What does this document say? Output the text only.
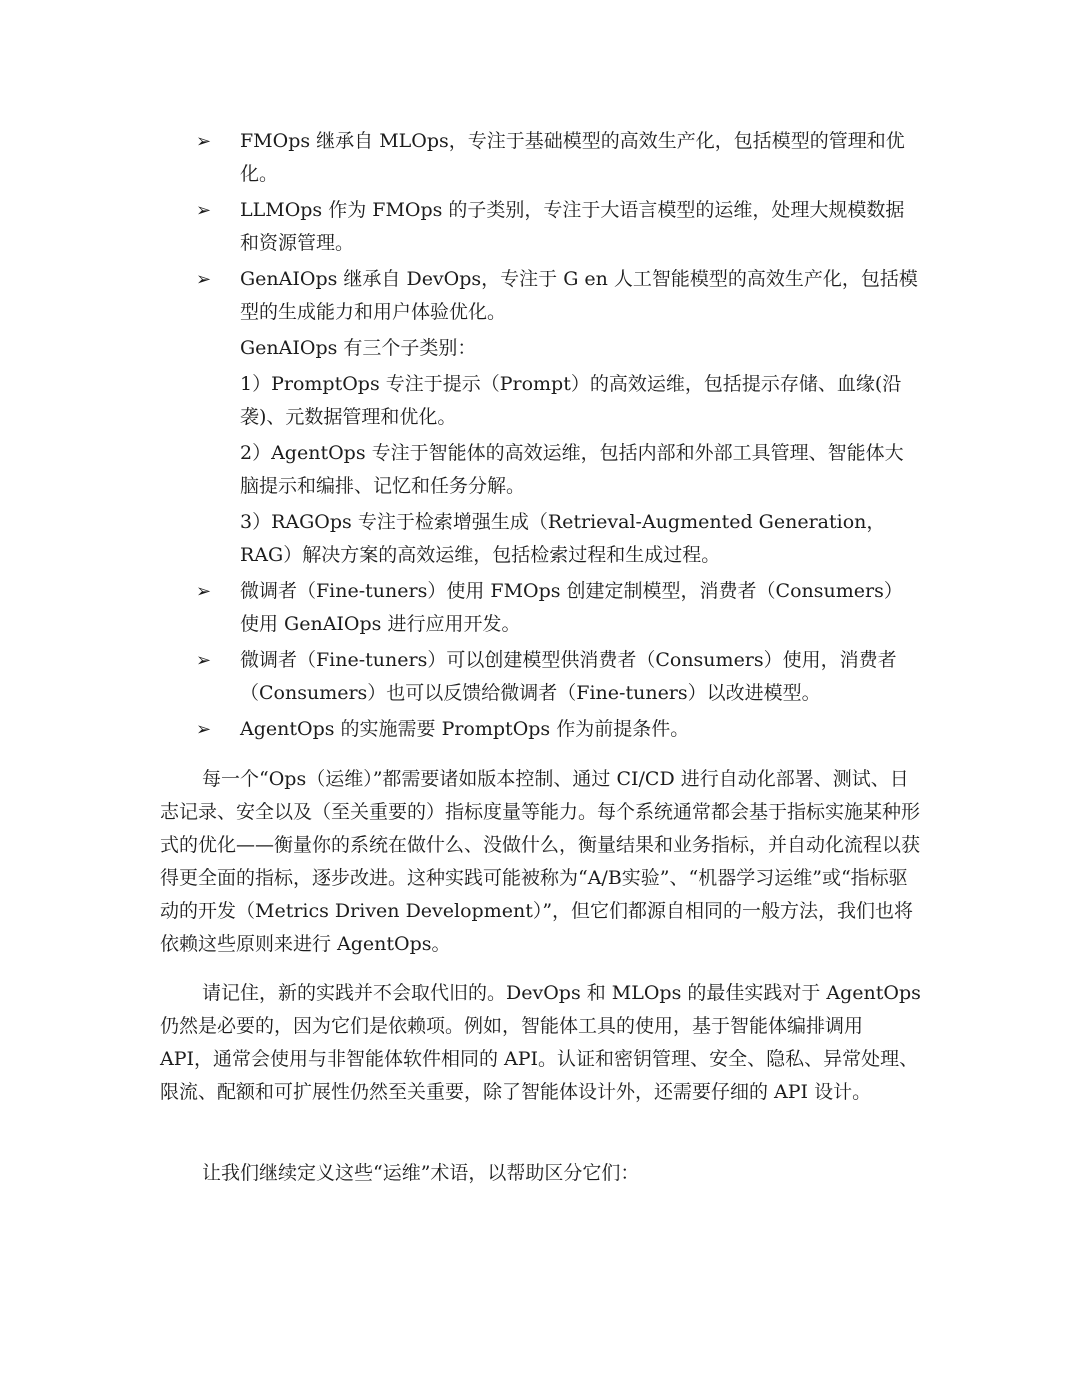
➢ FMOps 继承自 MLOps，专注于基础模型的高效生产化，包括模型的管理和优化。
➢ LLMOps 作为 FMOps 的子类别，专注于大语言模型的运维，处理大规模数据和资源管理。
➢ GenAIOps 继承自 DevOps，专注于 G en 人工智能模型的高效生产化，包括模型的生成能力和用户体验优化。
GenAIOps 有三个子类别：
1）PromptOps 专注于提示（Prompt）的高效运维，包括提示存储、血缘(沿袭)、元数据管理和优化。
2）AgentOps 专注于智能体的高效运维，包括内部和外部工具管理、智能体大脑提示和编排、记忆和任务分解。
3）RAGOps 专注于检索增强生成（Retrieval-Augmented Generation，RAG）解决方案的高效运维，包括检索过程和生成过程。
➢ 微调者（Fine-tuners）使用 FMOps 创建定制模型，消费者（Consumers）使用 GenAIOps 进行应用开发。
➢ 微调者（Fine-tuners）可以创建模型供消费者（Consumers）使用，消费者（Consumers）也可以反馈给微调者（Fine-tuners）以改进模型。
➢ AgentOps 的实施需要 PromptOps 作为前提条件。

每一个“Ops（运维）”都需要诸如版本控制、通过 CI/CD 进行自动化部署、测试、日志记录、安全以及（至关重要的）指标度量等能力。每个系统通常都会基于指标实施某种形式的优化——衡量你的系统在做什么、没做什么，衡量结果和业务指标，并自动化流程以获得更全面的指标，逐步改进。这种实践可能被称为“A/B实验”、“机器学习运维”或“指标驱动的开发（Metrics Driven Development）”，但它们都源自相同的一般方法，我们也将依赖这些原则来进行 AgentOps。

请记住，新的实践并不会取代旧的。DevOps 和 MLOps 的最佳实践对于 AgentOps 仍然是必要的，因为它们是依赖项。例如，智能体工具的使用，基于智能体编排调用 API，通常会使用与非智能体软件相同的 API。认证和密钥管理、安全、隐私、异常处理、限流、配额和可扩展性仍然至关重要，除了智能体设计外，还需要仔细的 API 设计。

让我们继续定义这些“运维”术语，以帮助区分它们：
